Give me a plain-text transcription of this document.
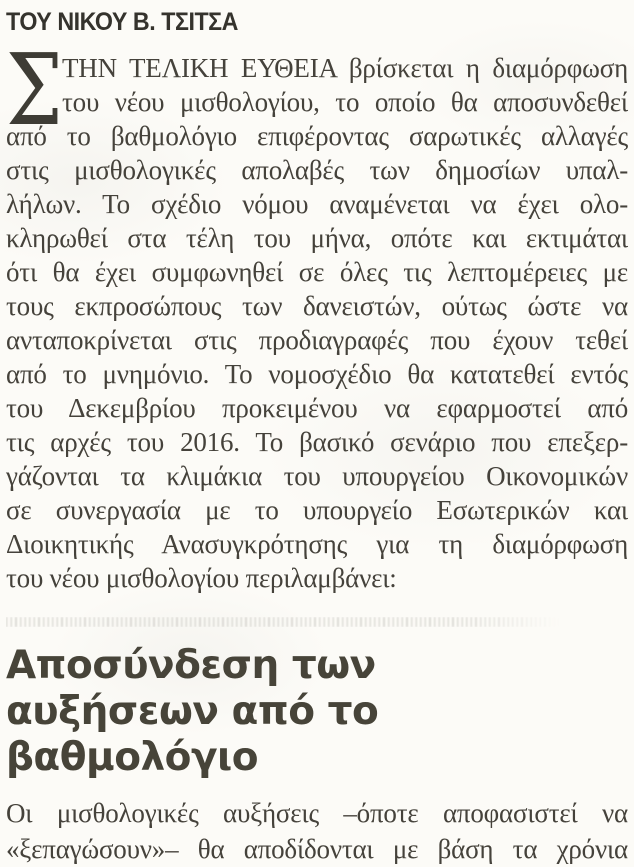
ΤΟΥ ΝΙΚΟΥ Β. ΤΣΙΤΣΑ
Σ ΤΗΝ ΤΕΛΙΚΗ ΕΥΘΕΙΑ βρίσκεται η διαμόρφωση
του νέου μισθολογίου, το οποίο θα αποσυνδεθεί
από το βαθμολόγιο επιφέροντας σαρωτικές αλλαγές
στις μισθολογικές απολαβές των δημοσίων υπαλ-
λήλων. Το σχέδιο νόμου αναμένεται να έχει ολο-
κληρωθεί στα τέλη του μήνα, οπότε και εκτιμάται
ότι θα έχει συμφωνηθεί σε όλες τις λεπτομέρειες με
τους εκπροσώπους των δανειστών, ούτως ώστε να
ανταποκρίνεται στις προδιαγραφές που έχουν τεθεί
από το μνημόνιο. Το νομοσχέδιο θα κατατεθεί εντός
του Δεκεμβρίου προκειμένου να εφαρμοστεί από
τις αρχές του 2016. Το βασικό σενάριο που επεξερ-
γάζονται τα κλιμάκια του υπουργείου Οικονομικών
σε συνεργασία με το υπουργείο Εσωτερικών και
Διοικητικής Ανασυγκρότησης για τη διαμόρφωση
του νέου μισθολογίου περιλαμβάνει:
Αποσύνδεση των αυξήσεων από το βαθμολόγιο
Οι μισθολογικές αυξήσεις –όποτε αποφασιστεί να
«ξεπαγώσουν»– θα αποδίδονται με βάση τα χρόνια
